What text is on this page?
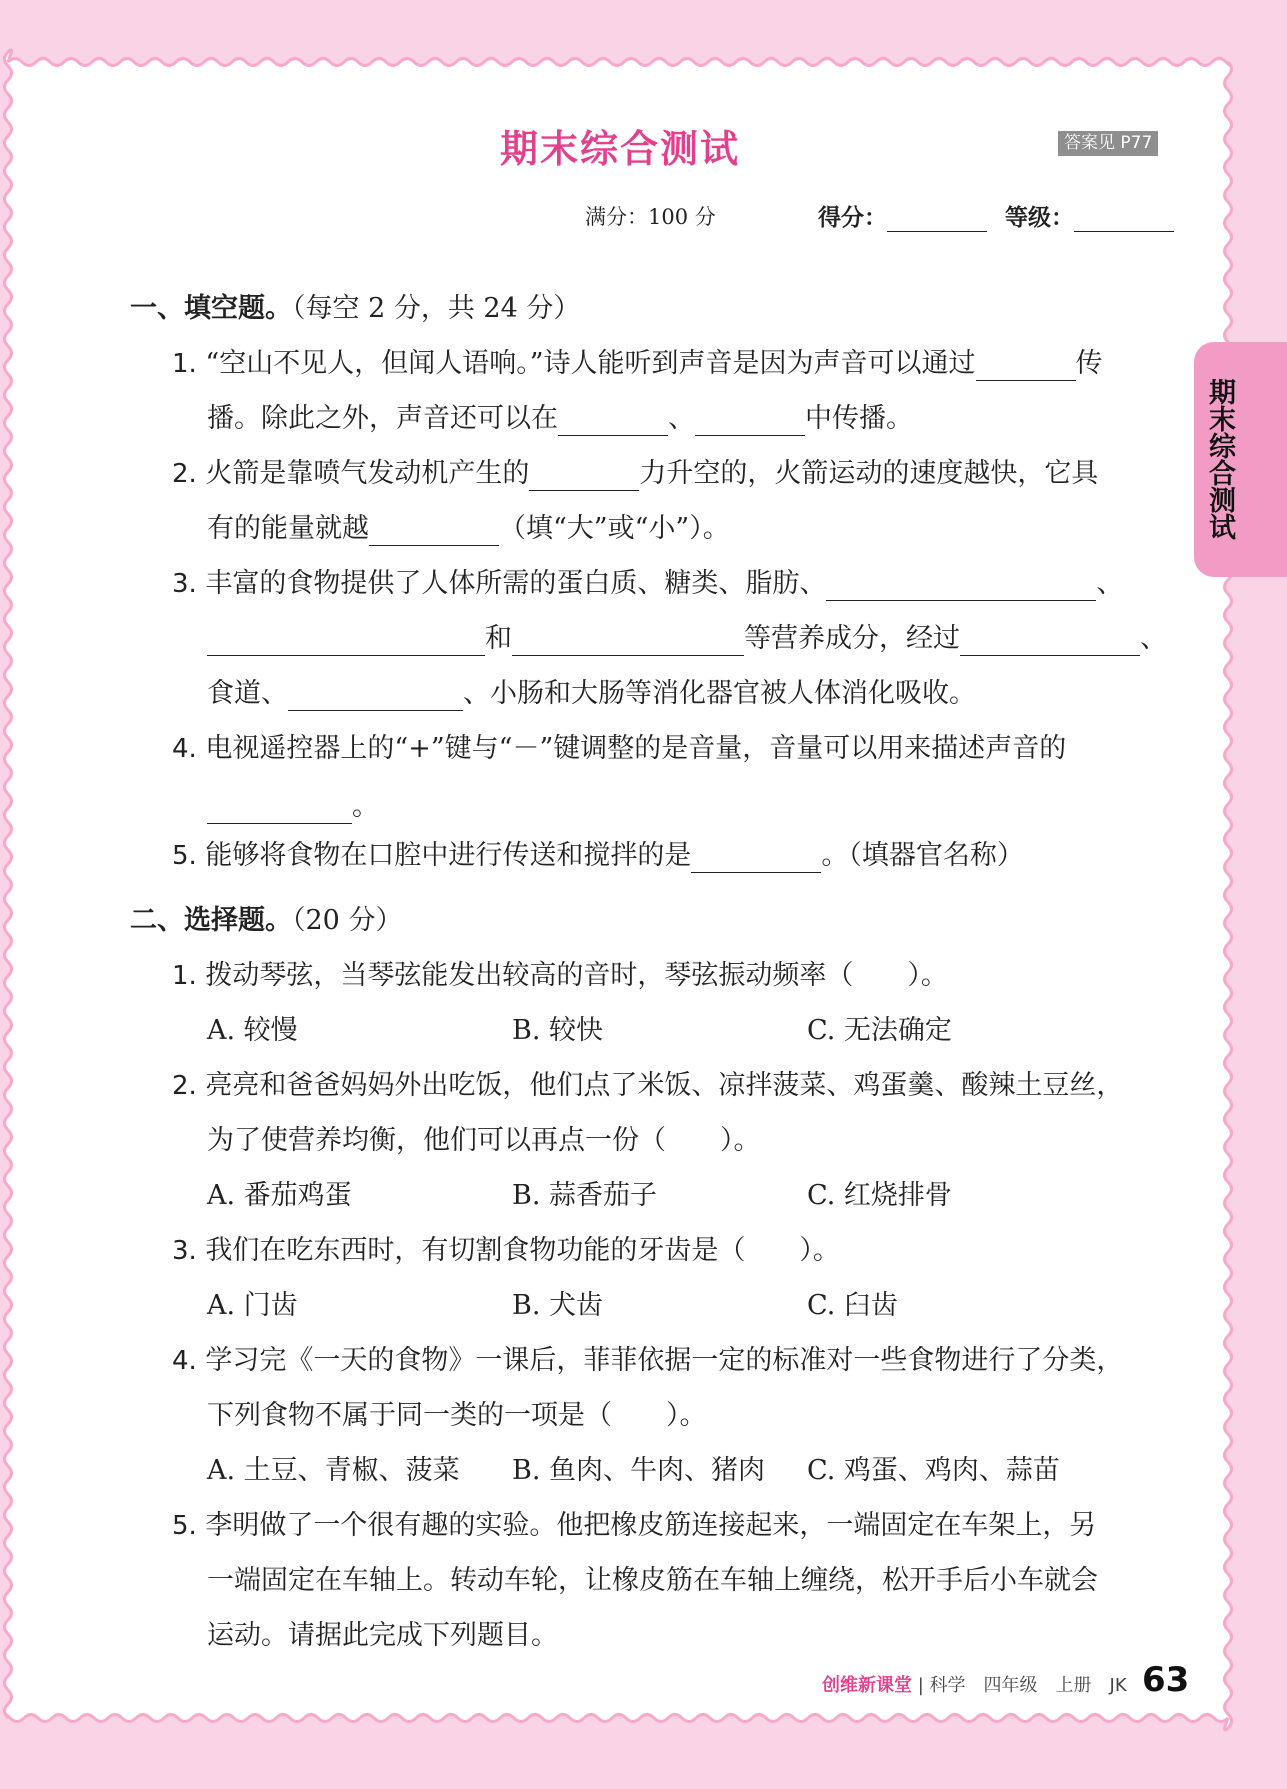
期末综合测试	答案见 P77
满分：100 分	得分：	等级：
期末综合测试
一、填空题。（每空 2 分，共 24 分）
1. “空山不见人，但闻人语响。”诗人能听到声音是因为声音可以通过	传
播。除此之外，声音还可以在	、	中传播。
2. 火箭是靠喷气发动机产生的	力升空的，火箭运动的速度越快，它具
有的能量就越	（填“大”或“小”）。
3. 丰富的食物提供了人体所需的蛋白质、糖类、脂肪、	、
和	等营养成分，经过	、
食道、	、小肠和大肠等消化器官被人体消化吸收。
4. 电视遥控器上的“+”键与“－”键调整的是音量，音量可以用来描述声音的
。
5. 能够将食物在口腔中进行传送和搅拌的是	。（填器官名称）
二、选择题。（20 分）
1. 拨动琴弦，当琴弦能发出较高的音时，琴弦振动频率（　　）。
A. 较慢	B. 较快	C. 无法确定
2. 亮亮和爸爸妈妈外出吃饭，他们点了米饭、凉拌菠菜、鸡蛋羹、酸辣土豆丝，
为了使营养均衡，他们可以再点一份（　　）。
A. 番茄鸡蛋	B. 蒜香茄子	C. 红烧排骨
3. 我们在吃东西时，有切割食物功能的牙齿是（　　）。
A. 门齿	B. 犬齿	C. 臼齿
4. 学习完《一天的食物》一课后，菲菲依据一定的标准对一些食物进行了分类，
下列食物不属于同一类的一项是（　　）。
A. 土豆、青椒、菠菜 B. 鱼肉、牛肉、猪肉 C. 鸡蛋、鸡肉、蒜苗
5. 李明做了一个很有趣的实验。他把橡皮筋连接起来，一端固定在车架上，另
一端固定在车轴上。转动车轮，让橡皮筋在车轴上缠绕，松开手后小车就会
运动。请据此完成下列题目。
创维新课堂 | 科学　四年级　上册　JK 63
